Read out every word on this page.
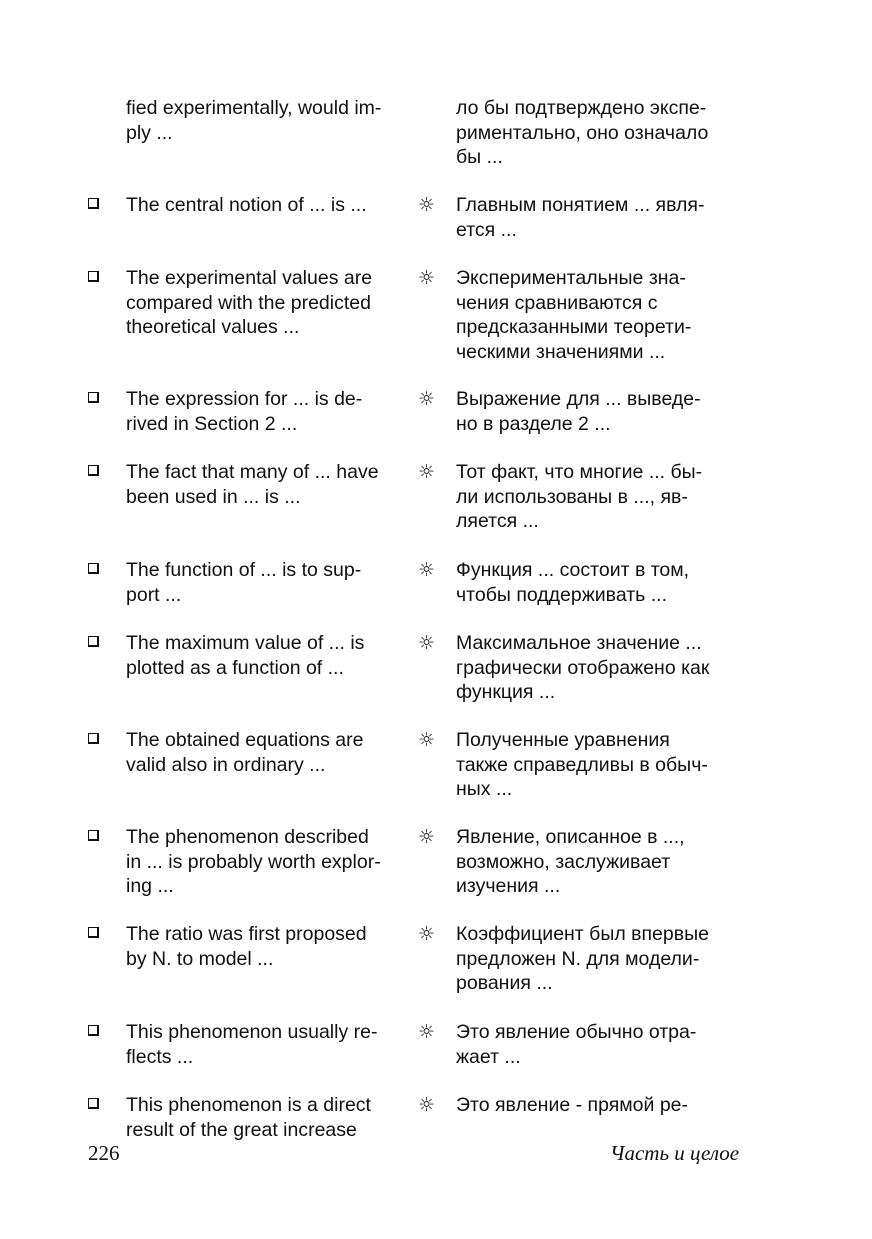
fied experimentally, would im-
ply ...
ло бы подтверждено экспе-
риментально, оно означало
бы ...
The central notion of ... is ...	☼ Главным понятием ... явля-
ется ...
The experimental values are
compared with the predicted
theoretical values ...
☼ Экспериментальные зна-
чения сравниваются с
предсказанными теорети-
ческими значениями ...
The expression for ... is de-
rived in Section 2 ...
☼ Выражение для ... выведе-
но в разделе 2 ...
The fact that many of ... have
been used in ... is ...
☼ Тот факт, что многие ... бы-
ли использованы в ..., яв-
ляется ...
The function of ... is to sup-
port ...
☼ Функция ... состоит в том,
чтобы поддерживать ...
The maximum value of ... is
plotted as a function of ...
☼ Максимальное значение ...
графически отображено как
функция ...
The obtained equations are
valid also in ordinary ...
☼ Полученные уравнения
также справедливы в обыч-
ных ...
The phenomenon described
in ... is probably worth explor-
ing ...
☼ Явление, описанное в ...,
возможно, заслуживает
изучения ...
The ratio was first proposed
by N. to model ...
☼ Коэффициент был впервые
предложен N. для модели-
рования ...
This phenomenon usually re-
flects ...
☼ Это явление обычно отра-
жает ...
This phenomenon is a direct
result of the great increase
☼ Это явление - прямой ре-
226	Часть и целое
